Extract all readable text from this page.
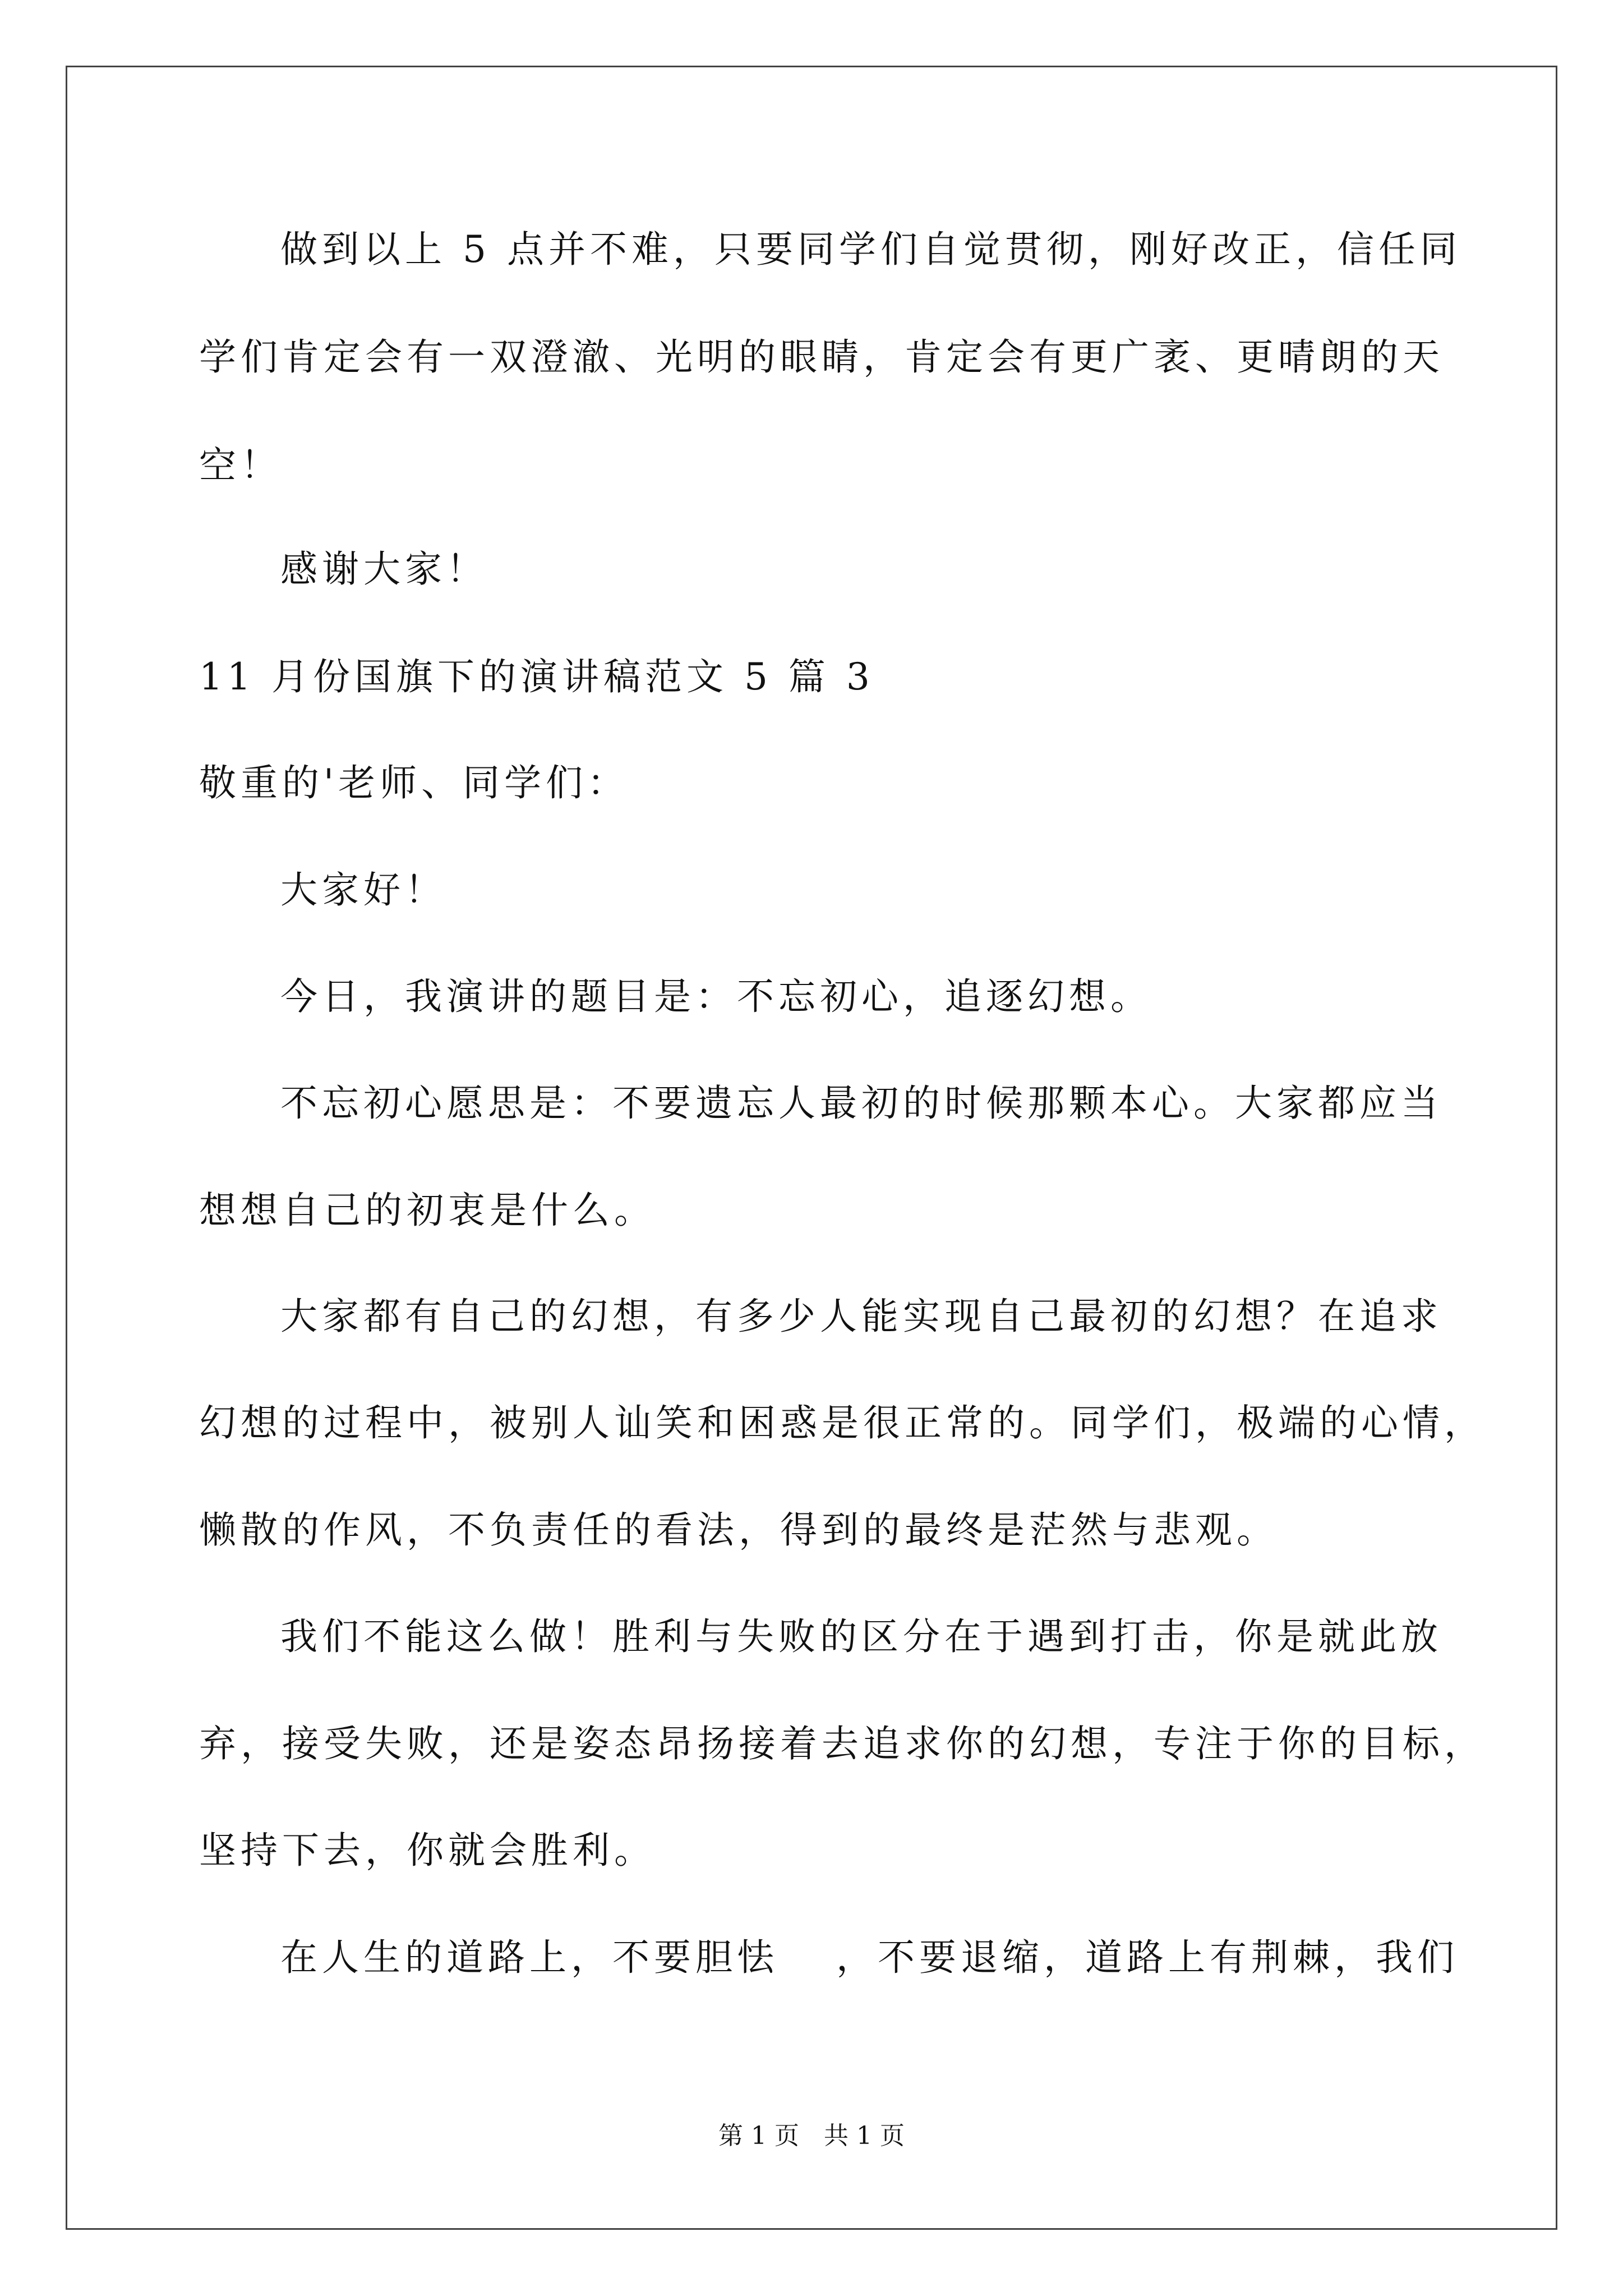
做到以上 5 点并不难，只要同学们自觉贯彻，刚好改正，信任同
学们肯定会有一双澄澈、光明的眼睛，肯定会有更广袤、更晴朗的天
空！
感谢大家！
11 月份国旗下的演讲稿范文 5 篇 3
敬重的'老师、同学们：
大家好！
今日，我演讲的题目是：不忘初心，追逐幻想。
不忘初心愿思是：不要遗忘人最初的时候那颗本心。大家都应当
想想自己的初衷是什么。
大家都有自己的幻想，有多少人能实现自己最初的幻想？在追求
幻想的过程中，被别人讪笑和困惑是很正常的。同学们，极端的心情，
懒散的作风，不负责任的看法，得到的最终是茫然与悲观。
我们不能这么做！胜利与失败的区分在于遇到打击，你是就此放
弃，接受失败，还是姿态昂扬接着去追求你的幻想，专注于你的目标，
坚持下去，你就会胜利。
在人生的道路上，不要胆怯　 ，不要退缩，道路上有荆棘，我们
第 1 页　共 1 页
